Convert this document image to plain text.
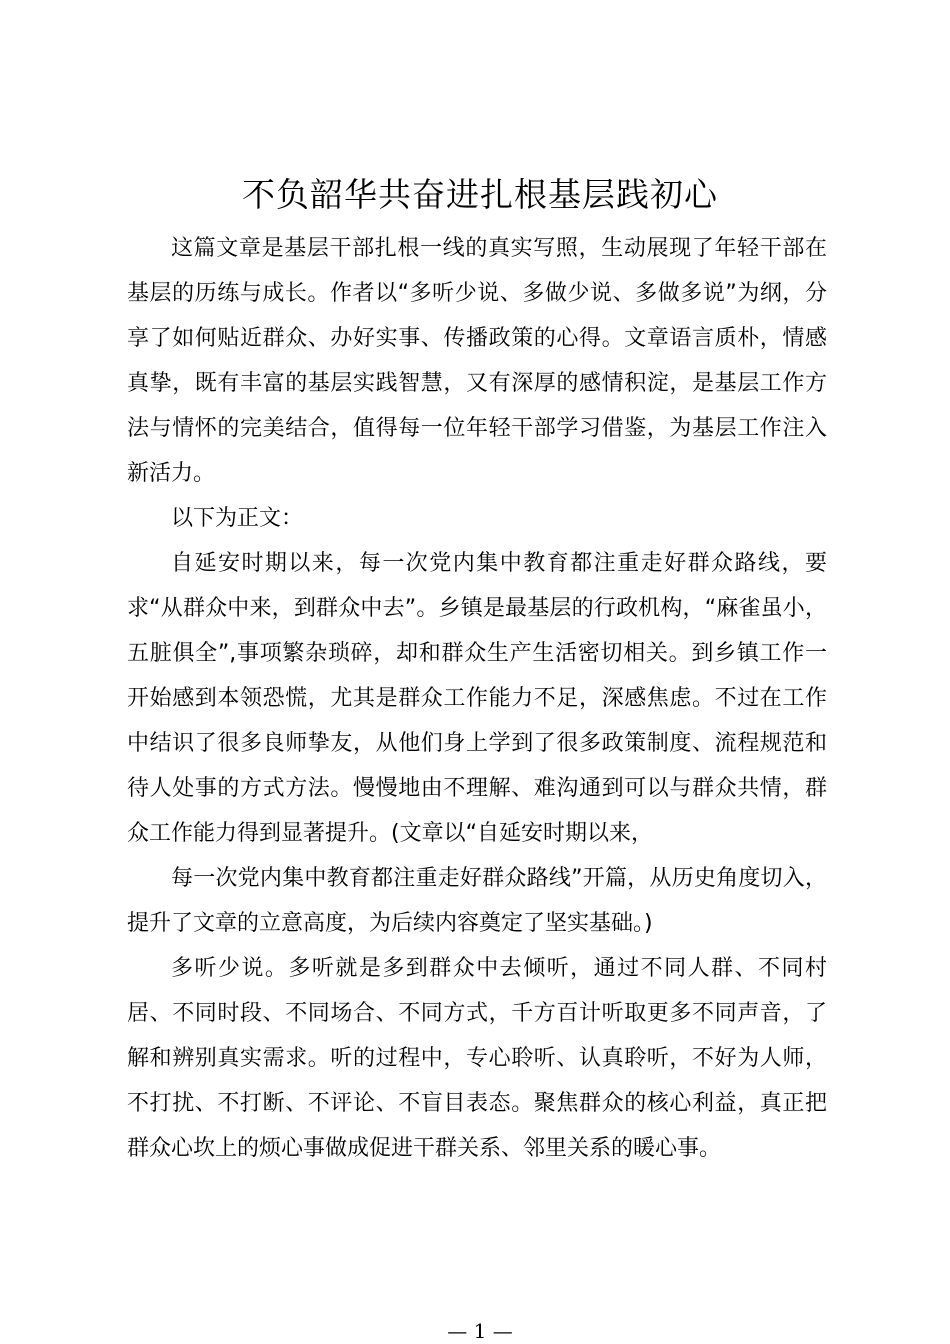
不负韶华共奋进扎根基层践初心
这篇文章是基层干部扎根一线的真实写照，生动展现了年轻干部在
基层的历练与成长。作者以“多听少说、多做少说、多做多说”为纲，分
享了如何贴近群众、办好实事、传播政策的心得。文章语言质朴，情感
真挚，既有丰富的基层实践智慧，又有深厚的感情积淀，是基层工作方
法与情怀的完美结合，值得每一位年轻干部学习借鉴，为基层工作注入
新活力。
以下为正文：
自延安时期以来，每一次党内集中教育都注重走好群众路线，要
求“从群众中来，到群众中去”。乡镇是最基层的行政机构，“麻雀虽小，
五脏俱全”,事项繁杂琐碎，却和群众生产生活密切相关。到乡镇工作一
开始感到本领恐慌，尤其是群众工作能力不足，深感焦虑。不过在工作
中结识了很多良师挚友，从他们身上学到了很多政策制度、流程规范和
待人处事的方式方法。慢慢地由不理解、难沟通到可以与群众共情，群
众工作能力得到显著提升。(文章以“自延安时期以来，
每一次党内集中教育都注重走好群众路线”开篇，从历史角度切入，
提升了文章的立意高度，为后续内容奠定了坚实基础。)
多听少说。多听就是多到群众中去倾听，通过不同人群、不同村
居、不同时段、不同场合、不同方式，千方百计听取更多不同声音，了
解和辨别真实需求。听的过程中，专心聆听、认真聆听，不好为人师，
不打扰、不打断、不评论、不盲目表态。聚焦群众的核心利益，真正把
群众心坎上的烦心事做成促进干群关系、邻里关系的暖心事。
— 1 —
